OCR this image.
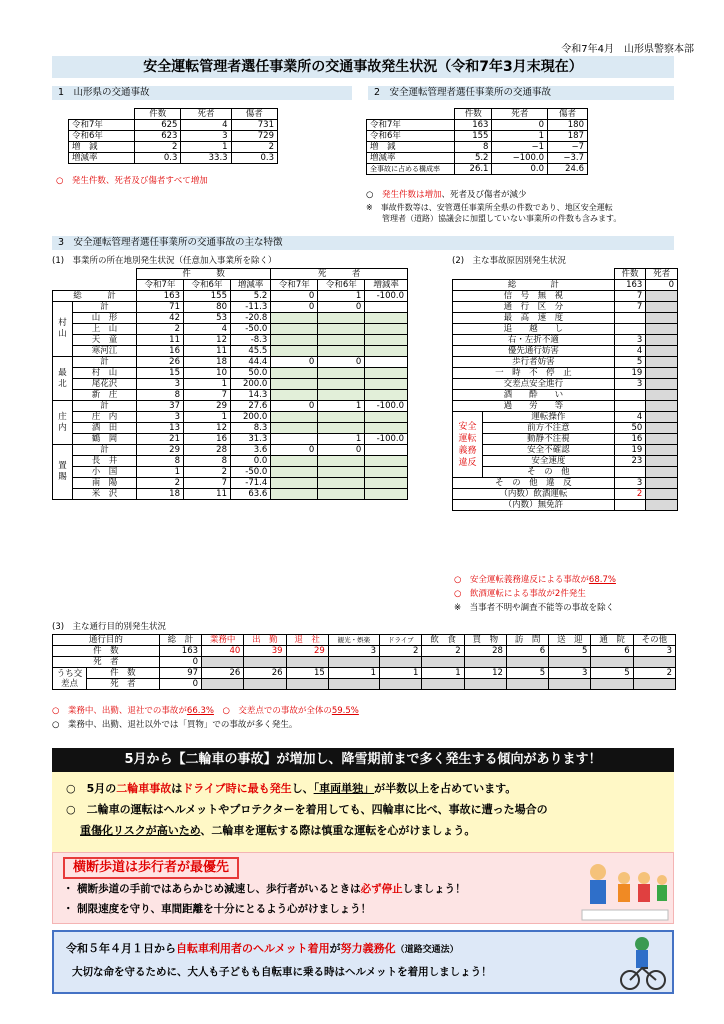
令和7年4月　山形県警察本部
安全運転管理者選任事業所の交通事故発生状況（令和7年3月末現在）
1　山形県の交通事故
	件数	死者	傷者
令和7年	625	4	731
令和6年	623	3	729
増　減	2	1	2
増減率	0.3	33.3	0.3
○　発生件数、死者及び傷者すべて増加
2　安全運転管理者選任事業所の交通事故
	件数	死者	傷者
令和7年	163	0	180
令和6年	155	1	187
増　減	8	−1	−7
増減率	5.2	−100.0	−3.7
全事故に占める構成率	26.1	0.0	24.6
○　 発生件数は増加、死者及び傷者が減少
※　事故件数等は、安管選任事業所全県の件数であり、地区安全運転
管理者（道路）協議会に加盟していない事業所の件数も含みます。
3　安全運転管理者選任事業所の交通事故の主な特徴
(1)　事業所の所在地別発生状況（任意加入事業所を除く）
		件　　　数			死　　　者		
		令和7年	令和6年	増減率	令和7年	令和6年	増減率
総　　　計		163	155	5.2	0	1	-100.0
村山	計	71	80	-11.3	0	0	
	山　形	42	53	-20.8			
	上　山	2	4	-50.0			
	天　童	11	12	-8.3			
	寒河江	16	11	45.5			
最北	計	26	18	44.4	0	0	
	村　山	15	10	50.0			
	尾花沢	3	1	200.0			
	新　庄	8	7	14.3			
庄内	計	37	29	27.6	0	1	-100.0
	庄　内	3	1	200.0			
	酒　田	13	12	8.3			
	鶴　岡	21	16	31.3		1	-100.0
置賜	計	29	28	3.6	0	0	
	長　井	8	8	0.0			
	小　国	1	2	-50.0			
	南　陽	2	7	-71.4			
	米　沢	18	11	63.6			
(2)　主な事故原因別発生状況
		件数	死者
総　　　　計		163	0
信　号　無　視		7	
通　行　区　分		7	
最　高　速　度			
追　　越　　し			
右・左折不適		3	
優先通行妨害		4	
歩行者妨害		5	
一　時　不　停　止		19	
交差点安全進行		3	
酒　　酔　　い			
過　　労　　等			
安全運転義務違反	運転操作	4	
	前方不注意	50	
	動静不注視	16	
	安全不確認	19	
	安全速度	23	
	そ　の　他		
そ　の　他　違　反		3	
（内数）飲酒運転		2	
（内数）無免許			
○　安全運転義務違反による事故が68.7%
○　飲酒運転による事故が2件発生
※　当事者不明や調査不能等の事故を除く
(3)　主な通行目的別発生状況
通行目的		総　計	業務中	出　勤	退　社	観光・娯楽	ドライブ	飲　食	買　物	訪　問	送　迎	通　院	その他
件　数		163	40	39	29	3	2	2	28	6	5	6	3
死　者		0											
うち交差点	件　数	97	26	26	15	1	1	1	12	5	3	5	2
	死　者	0											
○　業務中、出勤、退社での事故が66.3%　○　交差点での事故が全体の59.5%
○　業務中、出勤、退社以外では「買物」での事故が多く発生。
5月から【二輪車の事故】が増加し、降雪期前まで多く発生する傾向があります！
○　5月の二輪車事故はドライブ時に最も発生し、「車両単独」が半数以上を占めています。
○　二輪車の運転はヘルメットやプロテクターを着用しても、四輪車に比べ、事故に遭った場合の
重傷化リスクが高いため、二輪車を運転する際は慎重な運転を心がけましょう。
横断歩道は歩行者が最優先
・ 横断歩道の手前ではあらかじめ減速し、歩行者がいるときは必ず停止しましょう！
・ 制限速度を守り、車間距離を十分にとるよう心がけましょう！
令和５年４月１日から自転車利用者のヘルメット着用が努力義務化（道路交通法）
大切な命を守るために、大人も子どもも自転車に乗る時はヘルメットを着用しましょう！
